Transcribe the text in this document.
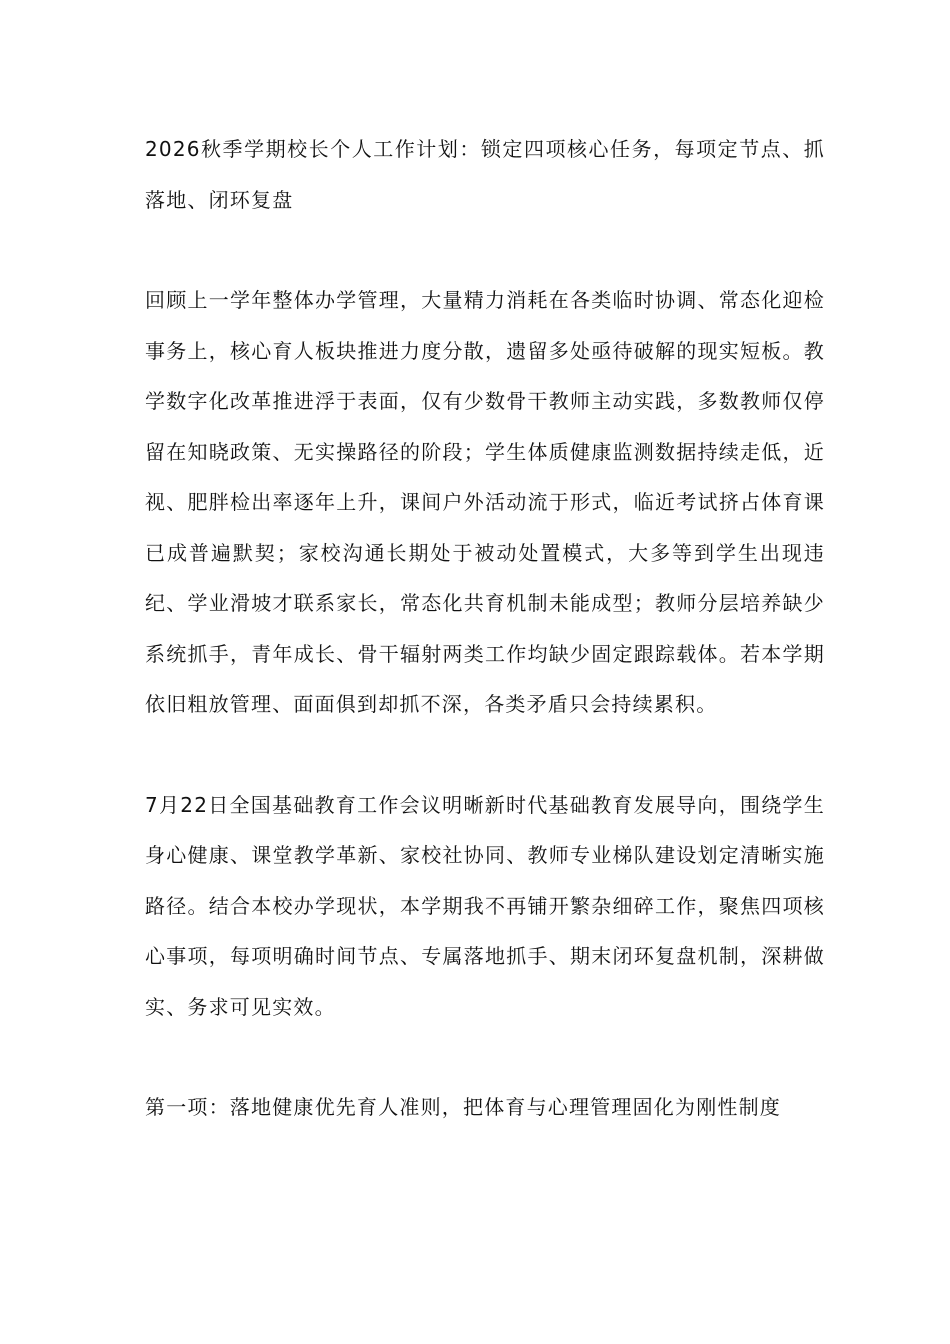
2026秋季学期校长个人工作计划：锁定四项核心任务，每项定节点、抓落地、闭环复盘

回顾上一学年整体办学管理，大量精力消耗在各类临时协调、常态化迎检事务上，核心育人板块推进力度分散，遗留多处亟待破解的现实短板。教学数字化改革推进浮于表面，仅有少数骨干教师主动实践，多数教师仅停留在知晓政策、无实操路径的阶段；学生体质健康监测数据持续走低，近视、肥胖检出率逐年上升，课间户外活动流于形式，临近考试挤占体育课已成普遍默契；家校沟通长期处于被动处置模式，大多等到学生出现违纪、学业滑坡才联系家长，常态化共育机制未能成型；教师分层培养缺少系统抓手，青年成长、骨干辐射两类工作均缺少固定跟踪载体。若本学期依旧粗放管理、面面俱到却抓不深，各类矛盾只会持续累积。

7月22日全国基础教育工作会议明晰新时代基础教育发展导向，围绕学生身心健康、课堂教学革新、家校社协同、教师专业梯队建设划定清晰实施路径。结合本校办学现状，本学期我不再铺开繁杂细碎工作，聚焦四项核心事项，每项明确时间节点、专属落地抓手、期末闭环复盘机制，深耕做实、务求可见实效。

第一项：落地健康优先育人准则，把体育与心理管理固化为刚性制度
